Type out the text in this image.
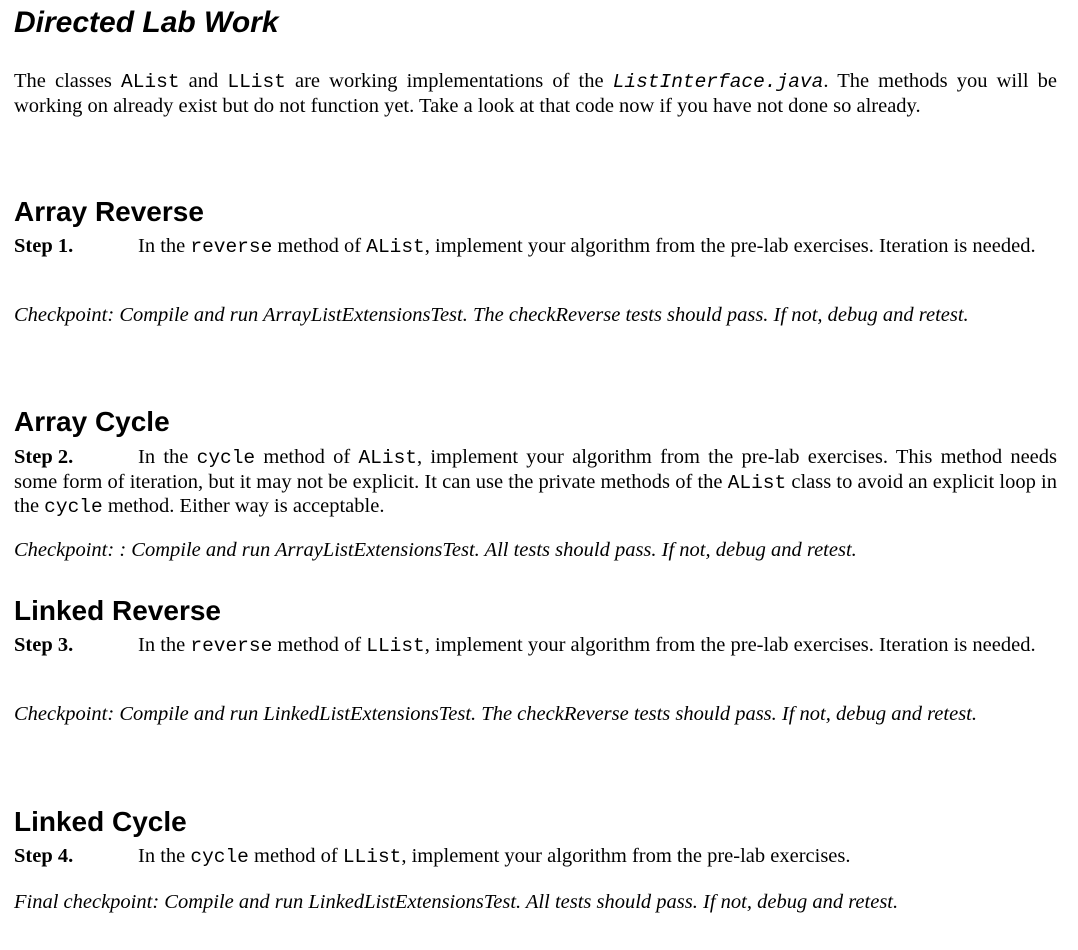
Directed Lab Work

The classes AList and LList are working implementations of the ListInterface.java. The methods you will be working on already exist but do not function yet. Take a look at that code now if you have not done so already.

Array Reverse

Step 1.	In the reverse method of AList, implement your algorithm from the pre-lab exercises. Iteration is needed.

Checkpoint: Compile and run ArrayListExtensionsTest. The checkReverse tests should pass. If not, debug and retest.

Array Cycle

Step 2.	In the cycle method of AList, implement your algorithm from the pre-lab exercises. This method needs some form of iteration, but it may not be explicit. It can use the private methods of the AList class to avoid an explicit loop in the cycle method. Either way is acceptable.

Checkpoint: : Compile and run ArrayListExtensionsTest. All tests should pass. If not, debug and retest.

Linked Reverse

Step 3.	In the reverse method of LList, implement your algorithm from the pre-lab exercises. Iteration is needed.

Checkpoint: Compile and run LinkedListExtensionsTest. The checkReverse tests should pass. If not, debug and retest.

Linked Cycle

Step 4.	In the cycle method of LList, implement your algorithm from the pre-lab exercises.

Final checkpoint: Compile and run LinkedListExtensionsTest. All tests should pass. If not, debug and retest.
